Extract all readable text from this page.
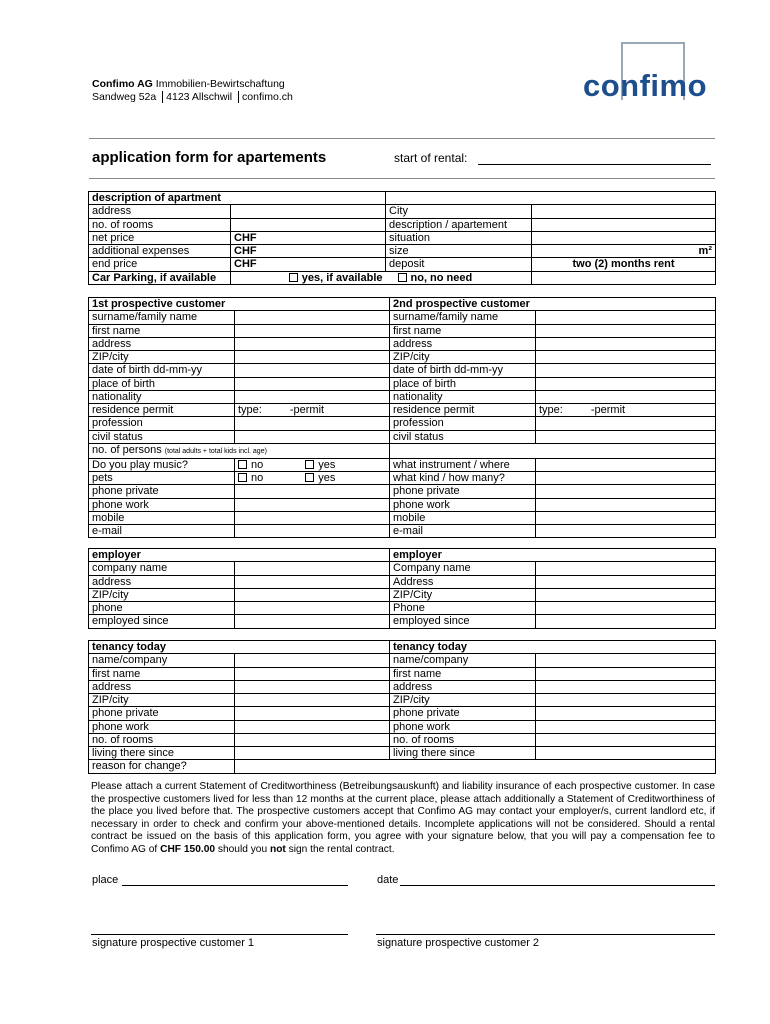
Confimo AG Immobilien-Bewirtschaftung
Sandweg 52a 4123 Allschwil confimo.ch	confimo
application form for apartements	start of rental:
description of apartment			
address		City	
no. of rooms		description / apartement	
net price	CHF	situation	
additional expenses	CHF	size	m²
end price	CHF	deposit	two (2) months rent
Car Parking, if available	yes, if available	no, no need	
1st prospective customer		2nd prospective customer	
surname/family name		surname/family name	
first name		first name	
address		address	
ZIP/city		ZIP/city	
date of birth dd-mm-yy		date of birth dd-mm-yy	
place of birth		place of birth	
nationality		nationality	
residence permit	type: -permit	residence permit	type: -permit
profession		profession	
civil status		civil status	
no. of persons (total adults + total kids incl. age)			
Do you play music?	no yes	what instrument / where	
pets	no yes	what kind / how many?	
phone private		phone private	
phone work		phone work	
mobile		mobile	
e-mail		e-mail	
employer		employer	
company name		Company name	
address		Address	
ZIP/city		ZIP/City	
phone		Phone	
employed since		employed since	
tenancy today		tenancy today	
name/company		name/company	
first name		first name	
address		address	
ZIP/city		ZIP/city	
phone private		phone private	
phone work		phone work	
no. of rooms		no. of rooms	
living there since		living there since	
reason for change?			
Please attach a current Statement of Creditworthiness (Betreibungsauskunft) and liability insurance of each prospective customer. In case the prospective customers lived for less than 12 months at the current place, please attach additionally a Statement of Creditworthiness of the place you lived before that. The prospective customers accept that Confimo AG may contact your employer/s, current landlord etc, if necessary in order to check and confirm your above-mentioned details. Incomplete applications will not be considered. Should a rental contract be issued on the basis of this application form, you agree with your signature below, that you will pay a compensation fee to Confimo AG of CHF 150.00 should you not sign the rental contract.
place	date
signature prospective customer 1	signature prospective customer 2
